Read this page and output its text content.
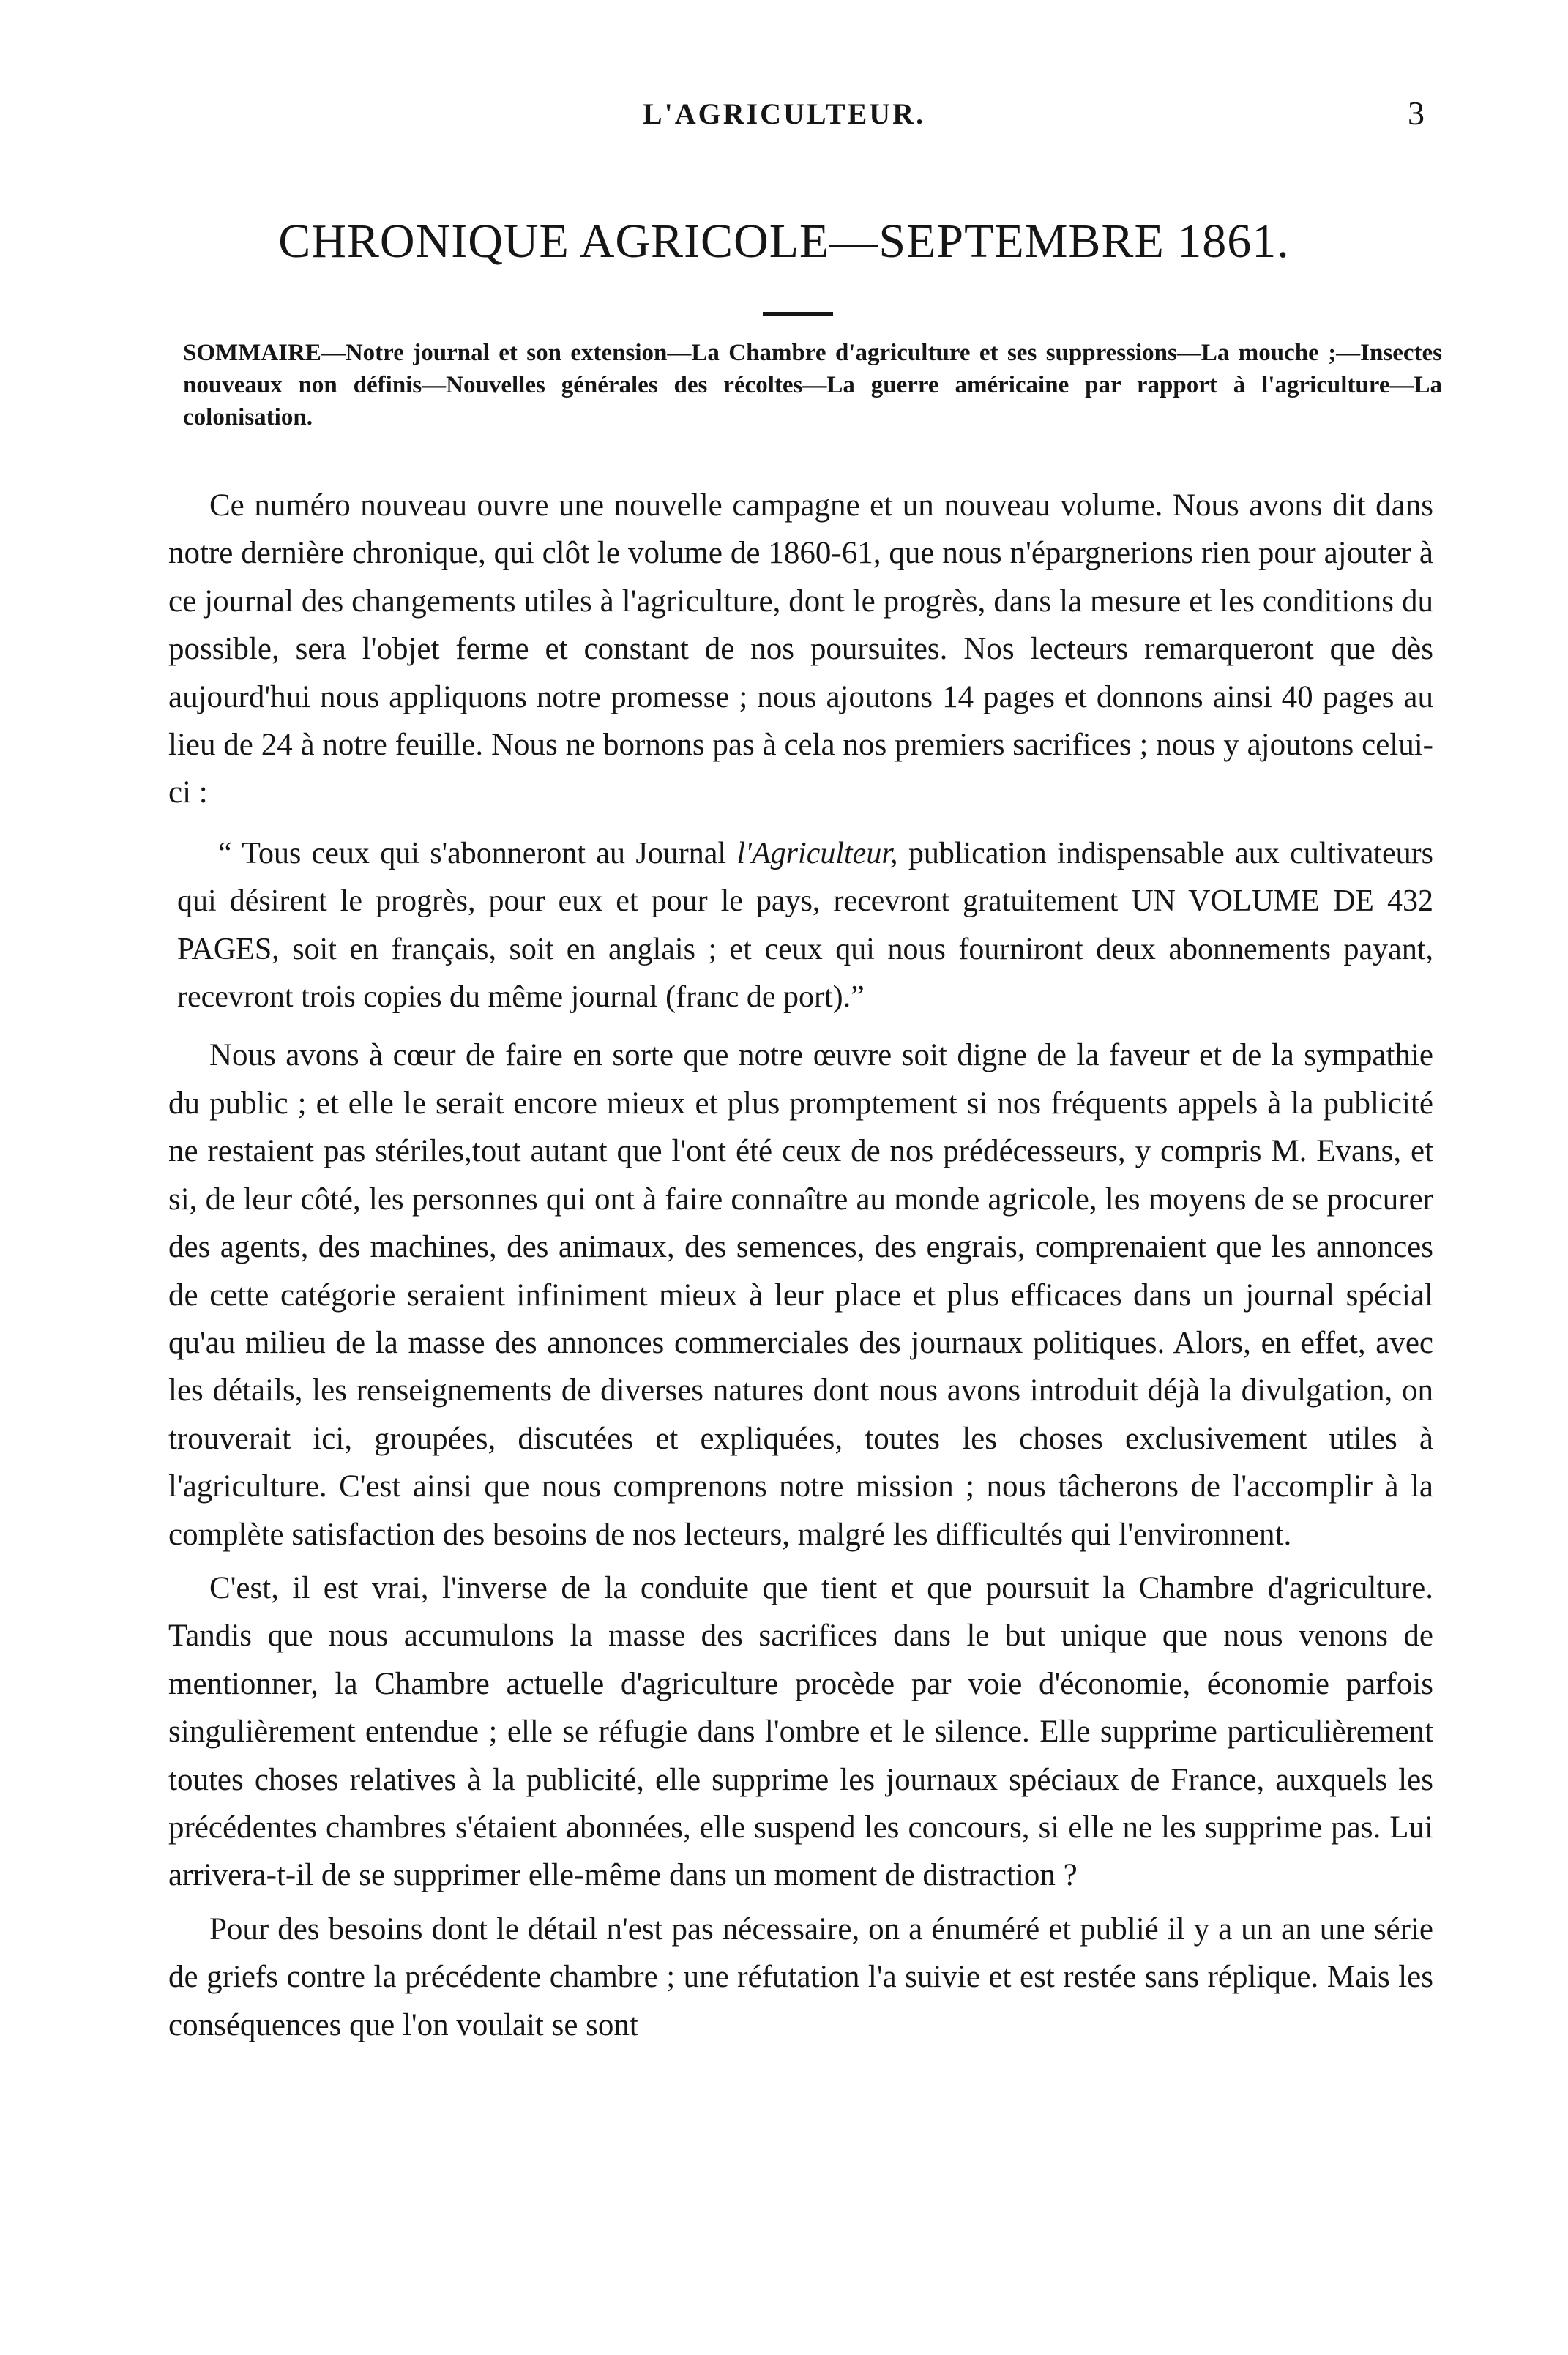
L'AGRICULTEUR.	3
CHRONIQUE AGRICOLE—SEPTEMBRE 1861.
SOMMAIRE—Notre journal et son extension—La Chambre d'agriculture et ses suppressions—La mouche ;—Insectes nouveaux non définis—Nouvelles générales des récoltes—La guerre américaine par rapport à l'agriculture—La colonisation.

Ce numéro nouveau ouvre une nouvelle campagne et un nouveau volume. Nous avons dit dans notre dernière chronique, qui clôt le volume de 1860-61, que nous n'épargnerions rien pour ajouter à ce journal des changements utiles à l'agriculture, dont le progrès, dans la mesure et les conditions du possible, sera l'objet ferme et constant de nos poursuites. Nos lecteurs remarqueront que dès aujourd'hui nous appliquons notre promesse ; nous ajoutons 14 pages et donnons ainsi 40 pages au lieu de 24 à notre feuille. Nous ne bornons pas à cela nos premiers sacrifices ; nous y ajoutons celui-ci :

“ Tous ceux qui s'abonneront au Journal l'Agriculteur, publication indispensable aux cultivateurs qui désirent le progrès, pour eux et pour le pays, recevront gratuitement UN VOLUME DE 432 PAGES, soit en français, soit en anglais ; et ceux qui nous fourniront deux abonnements payant, recevront trois copies du même journal (franc de port).”

Nous avons à cœur de faire en sorte que notre œuvre soit digne de la faveur et de la sympathie du public ; et elle le serait encore mieux et plus promptement si nos fréquents appels à la publicité ne restaient pas stériles,tout autant que l'ont été ceux de nos prédécesseurs, y compris M. Evans, et si, de leur côté, les personnes qui ont à faire connaître au monde agricole, les moyens de se procurer des agents, des machines, des animaux, des semences, des engrais, comprenaient que les annonces de cette catégorie seraient infiniment mieux à leur place et plus efficaces dans un journal spécial qu'au milieu de la masse des annonces commerciales des journaux politiques. Alors, en effet, avec les détails, les renseignements de diverses natures dont nous avons introduit déjà la divulgation, on trouverait ici, groupées, discutées et expliquées, toutes les choses exclusivement utiles à l'agriculture. C'est ainsi que nous comprenons notre mission ; nous tâcherons de l'accomplir à la complète satisfaction des besoins de nos lecteurs, malgré les difficultés qui l'environnent.

C'est, il est vrai, l'inverse de la conduite que tient et que poursuit la Chambre d'agriculture. Tandis que nous accumulons la masse des sacrifices dans le but unique que nous venons de mentionner, la Chambre actuelle d'agriculture procède par voie d'économie, économie parfois singulièrement entendue ; elle se réfugie dans l'ombre et le silence. Elle supprime particulièrement toutes choses relatives à la publicité, elle supprime les journaux spéciaux de France, auxquels les précédentes chambres s'étaient abonnées, elle suspend les concours, si elle ne les supprime pas. Lui arrivera-t-il de se supprimer elle-même dans un moment de distraction ?

Pour des besoins dont le détail n'est pas nécessaire, on a énuméré et publié il y a un an une série de griefs contre la précédente chambre ; une réfutation l'a suivie et est restée sans réplique. Mais les conséquences que l'on voulait se sont
